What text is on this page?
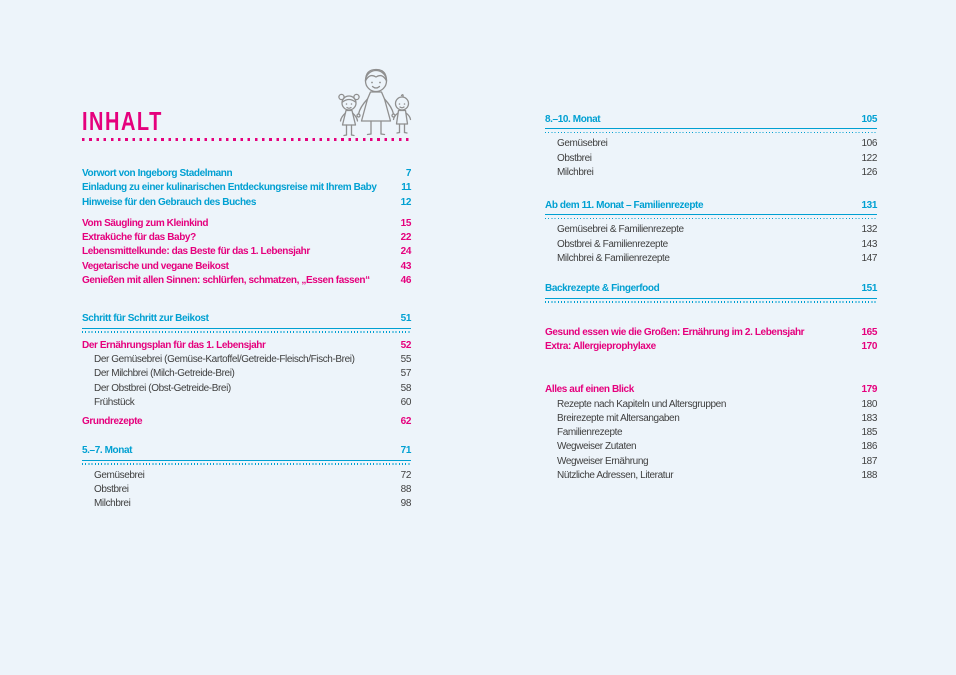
INHALT
Vorwort von Ingeborg Stadelmann	7
Einladung zu einer kulinarischen Entdeckungsreise mit Ihrem Baby	11
Hinweise für den Gebrauch des Buches	12
Vom Säugling zum Kleinkind	15
Extraküche für das Baby?	22
Lebensmittelkunde: das Beste für das 1. Lebensjahr	24
Vegetarische und vegane Beikost	43
Genießen mit allen Sinnen: schlürfen, schmatzen, „Essen fassen“	46
Schritt für Schritt zur Beikost	51
Der Ernährungsplan für das 1. Lebensjahr	52
Der Gemüsebrei (Gemüse-Kartoffel/Getreide-Fleisch/Fisch-Brei)	55
Der Milchbrei (Milch-Getreide-Brei)	57
Der Obstbrei (Obst-Getreide-Brei)	58
Frühstück	60
Grundrezepte	62
5.–7. Monat	71
Gemüsebrei	72
Obstbrei	88
Milchbrei	98
8.–10. Monat	105
Gemüsebrei	106
Obstbrei	122
Milchbrei	126
Ab dem 11. Monat – Familienrezepte	131
Gemüsebrei & Familienrezepte	132
Obstbrei & Familienrezepte	143
Milchbrei & Familienrezepte	147
Backrezepte & Fingerfood	151
Gesund essen wie die Großen: Ernährung im 2. Lebensjahr	165
Extra: Allergieprophylaxe	170
Alles auf einen Blick	179
Rezepte nach Kapiteln und Altersgruppen	180
Breirezepte mit Altersangaben	183
Familienrezepte	185
Wegweiser Zutaten	186
Wegweiser Ernährung	187
Nützliche Adressen, Literatur	188
